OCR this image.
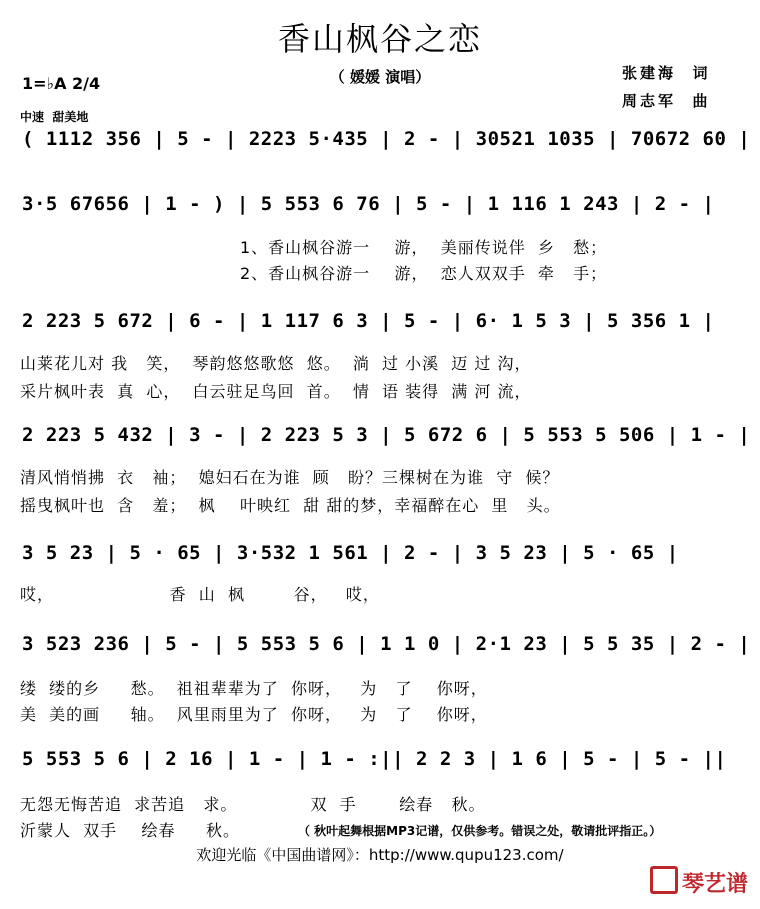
香山枫谷之恋
（ 媛媛 演唱）	张建海  词
周志军  曲
1=♭A 2/4
中速  甜美地
( 1112 356 | 5 - | 2223 5·435 | 2 - | 30521 1035 | 70672 60 |
3·5 67656 | 1 - ) | 5 553 6 76 | 5 - | 1 116 1 243 | 2 - |
1、香山枫谷游一    游，  美丽传说伴  乡   愁；
2、香山枫谷游一    游，  恋人双双手  牵   手；
2 223 5 672 | 6 - | 1 117 6 3 | 5 - | 6· 1 5 3 | 5 356 1 |
山莱花儿对 我   笑，  琴韵悠悠歌悠  悠。  淌  过 小溪  迈 过 沟，
采片枫叶表  真  心，  白云驻足鸟回  首。  情  语 装得  满 河 流，
2 223 5 432 | 3 - | 2 223 5 3 | 5 672 6 | 5 553 5 506 | 1 - |
清风悄悄拂  衣   袖；  媳妇石在为谁  顾   盼？三棵树在为谁  守  候？
摇曳枫叶也  含   羞；  枫    叶映红  甜 甜的梦，幸福醉在心  里   头。
3 5 23 | 5 · 65 | 3·532 1 561 | 2 - | 3 5 23 | 5 · 65 |
哎，                   香  山  枫        谷，   哎，
3 523 236 | 5 - | 5 553 5 6 | 1 1 0 | 2·1 23 | 5 5 35 | 2 - |
缕  缕的乡     愁。  祖祖辈辈为了  你呀，   为   了    你呀，
美  美的画     轴。  风里雨里为了  你呀，   为   了    你呀，
5 553 5 6 | 2 16 | 1 - | 1 - :|| 2 2 3 | 1 6 | 5 - | 5 - ||
无怨无悔苦追  求苦追   求。            双  手       绘春   秋。
沂蒙人  双手    绘春     秋。	（ 秋叶起舞根据MP3记谱，仅供参考。错误之处，敬请批评指正。）
欢迎光临《中国曲谱网》：http://www.qupu123.com/
琴艺谱
